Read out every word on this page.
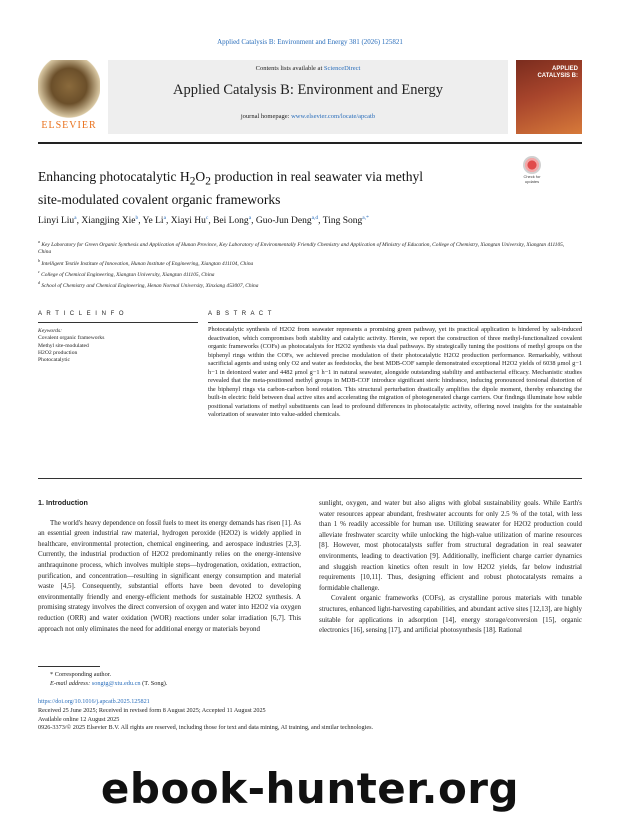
Applied Catalysis B: Environment and Energy 381 (2026) 125821
ELSEVIER
Contents lists available at ScienceDirect
Applied Catalysis B: Environment and Energy
journal homepage: www.elsevier.com/locate/apcatb
APPLIED CATALYSIS B:
Enhancing photocatalytic $H_2O_2$ production in real seawater via methyl
site-modulated covalent organic frameworks
Check for updates
Linyi Liu$^a$, Xiangjing Xie$^b$, Ye Li$^a$, Xiayi Hu$^c$, Bei Long$^a$, Guo-Jun Deng$^{a,d}$, Ting Song$^{a,*}$
$^a$ Key Laboratory for Green Organic Synthesis and Application of Hunan Province, Key Laboratory of Environmentally Friendly Chemistry and Application of Ministry of Education, College of Chemistry, Xiangtan University, Xiangtan 411105, China
$^b$ Intelligent Textile Institute of Innovation, Hunan Institute of Engineering, Xiangtan 411104, China
$^c$ College of Chemical Engineering, Xiangtan University, Xiangtan 411105, China
$^d$ School of Chemistry and Chemical Engineering, Henan Normal University, Xinxiang 453007, China
A R T I C L E I N F O	A B S T R A C T
Keywords:
Covalent organic frameworks
Methyl site-modulated
H2O2 production
Photocatalytic
Photocatalytic synthesis of H2O2 from seawater represents a promising green pathway, yet its practical application is hindered by salt-induced deactivation, which compromises both stability and catalytic activity. Herein, we report the construction of three methyl-functionalized covalent organic frameworks (COFs) as photocatalysts for H2O2 synthesis via dual pathways. By strategically tuning the positions of methyl groups on the biphenyl rings within the COFs, we achieved precise modulation of their photocatalytic H2O2 production performance. Remarkably, without sacrificial agents and using only O2 and water as feedstocks, the best MDB-COF sample demonstrated exceptional H2O2 yields of 6038 μmol g−1 h−1 in deionized water and 4482 μmol g−1 h−1 in natural seawater, alongside outstanding stability and antibacterial efficacy. Mechanistic studies revealed that the meta-positioned methyl groups in MDB-COF introduce significant steric hindrance, inducing pronounced torsional distortion of the biphenyl rings via carbon-carbon bond rotation. This structural perturbation drastically amplifies the dipole moment, thereby enhancing the built-in electric field between dual active sites and accelerating the migration of photogenerated charge carriers. Our findings illuminate how subtle positional variations of methyl substituents can lead to profound differences in photocatalytic activity, offering novel insights for the sustainable valorization of seawater into value-added chemicals.
1. Introduction

The world's heavy dependence on fossil fuels to meet its energy demands has risen [1]. As an essential green industrial raw material, hydrogen peroxide (H2O2) is widely applied in healthcare, environmental protection, chemical engineering, and aerospace industries [2,3]. Currently, the industrial production of H2O2 predominantly relies on the energy-intensive anthraquinone process, which involves multiple steps—hydrogenation, oxidation, extraction, purification, and concentration—resulting in significant energy consumption and material waste [4,5]. Consequently, substantial efforts have been devoted to developing environmentally friendly and energy-efficient methods for sustainable H2O2 synthesis. A promising strategy involves the direct conversion of oxygen and water into H2O2 via oxygen reduction (ORR) and water oxidation (WOR) reactions under solar irradiation [6,7]. This approach not only eliminates the need for additional energy or materials beyond

sunlight, oxygen, and water but also aligns with global sustainability goals. While Earth's water resources appear abundant, freshwater accounts for only 2.5 % of the total, with less than 1 % readily accessible for human use. Utilizing seawater for H2O2 production could alleviate freshwater scarcity while unlocking the high-value utilization of marine resources [8]. However, most photocatalysts suffer from structural degradation in real seawater environments, leading to deactivation [9]. Additionally, inefficient charge carrier dynamics and sluggish reaction kinetics often result in low H2O2 yields, far below industrial requirements [10,11]. Thus, designing efficient and robust photocatalysts remains a formidable challenge.

Covalent organic frameworks (COFs), as crystalline porous materials with tunable structures, enhanced light-harvesting capabilities, and abundant active sites [12,13], are highly suitable for applications in adsorption [14], energy storage/conversion [15], organic electronics [16], sensing [17], and artificial photosynthesis [18]. Rational

* Corresponding author.
E-mail address: songtg@xtu.edu.cn (T. Song).
https://doi.org/10.1016/j.apcatb.2025.125821
Received 25 June 2025; Received in revised form 8 August 2025; Accepted 11 August 2025
Available online 12 August 2025
0926-3373/© 2025 Elsevier B.V. All rights are reserved, including those for text and data mining, AI training, and similar technologies.
ebook-hunter.org
